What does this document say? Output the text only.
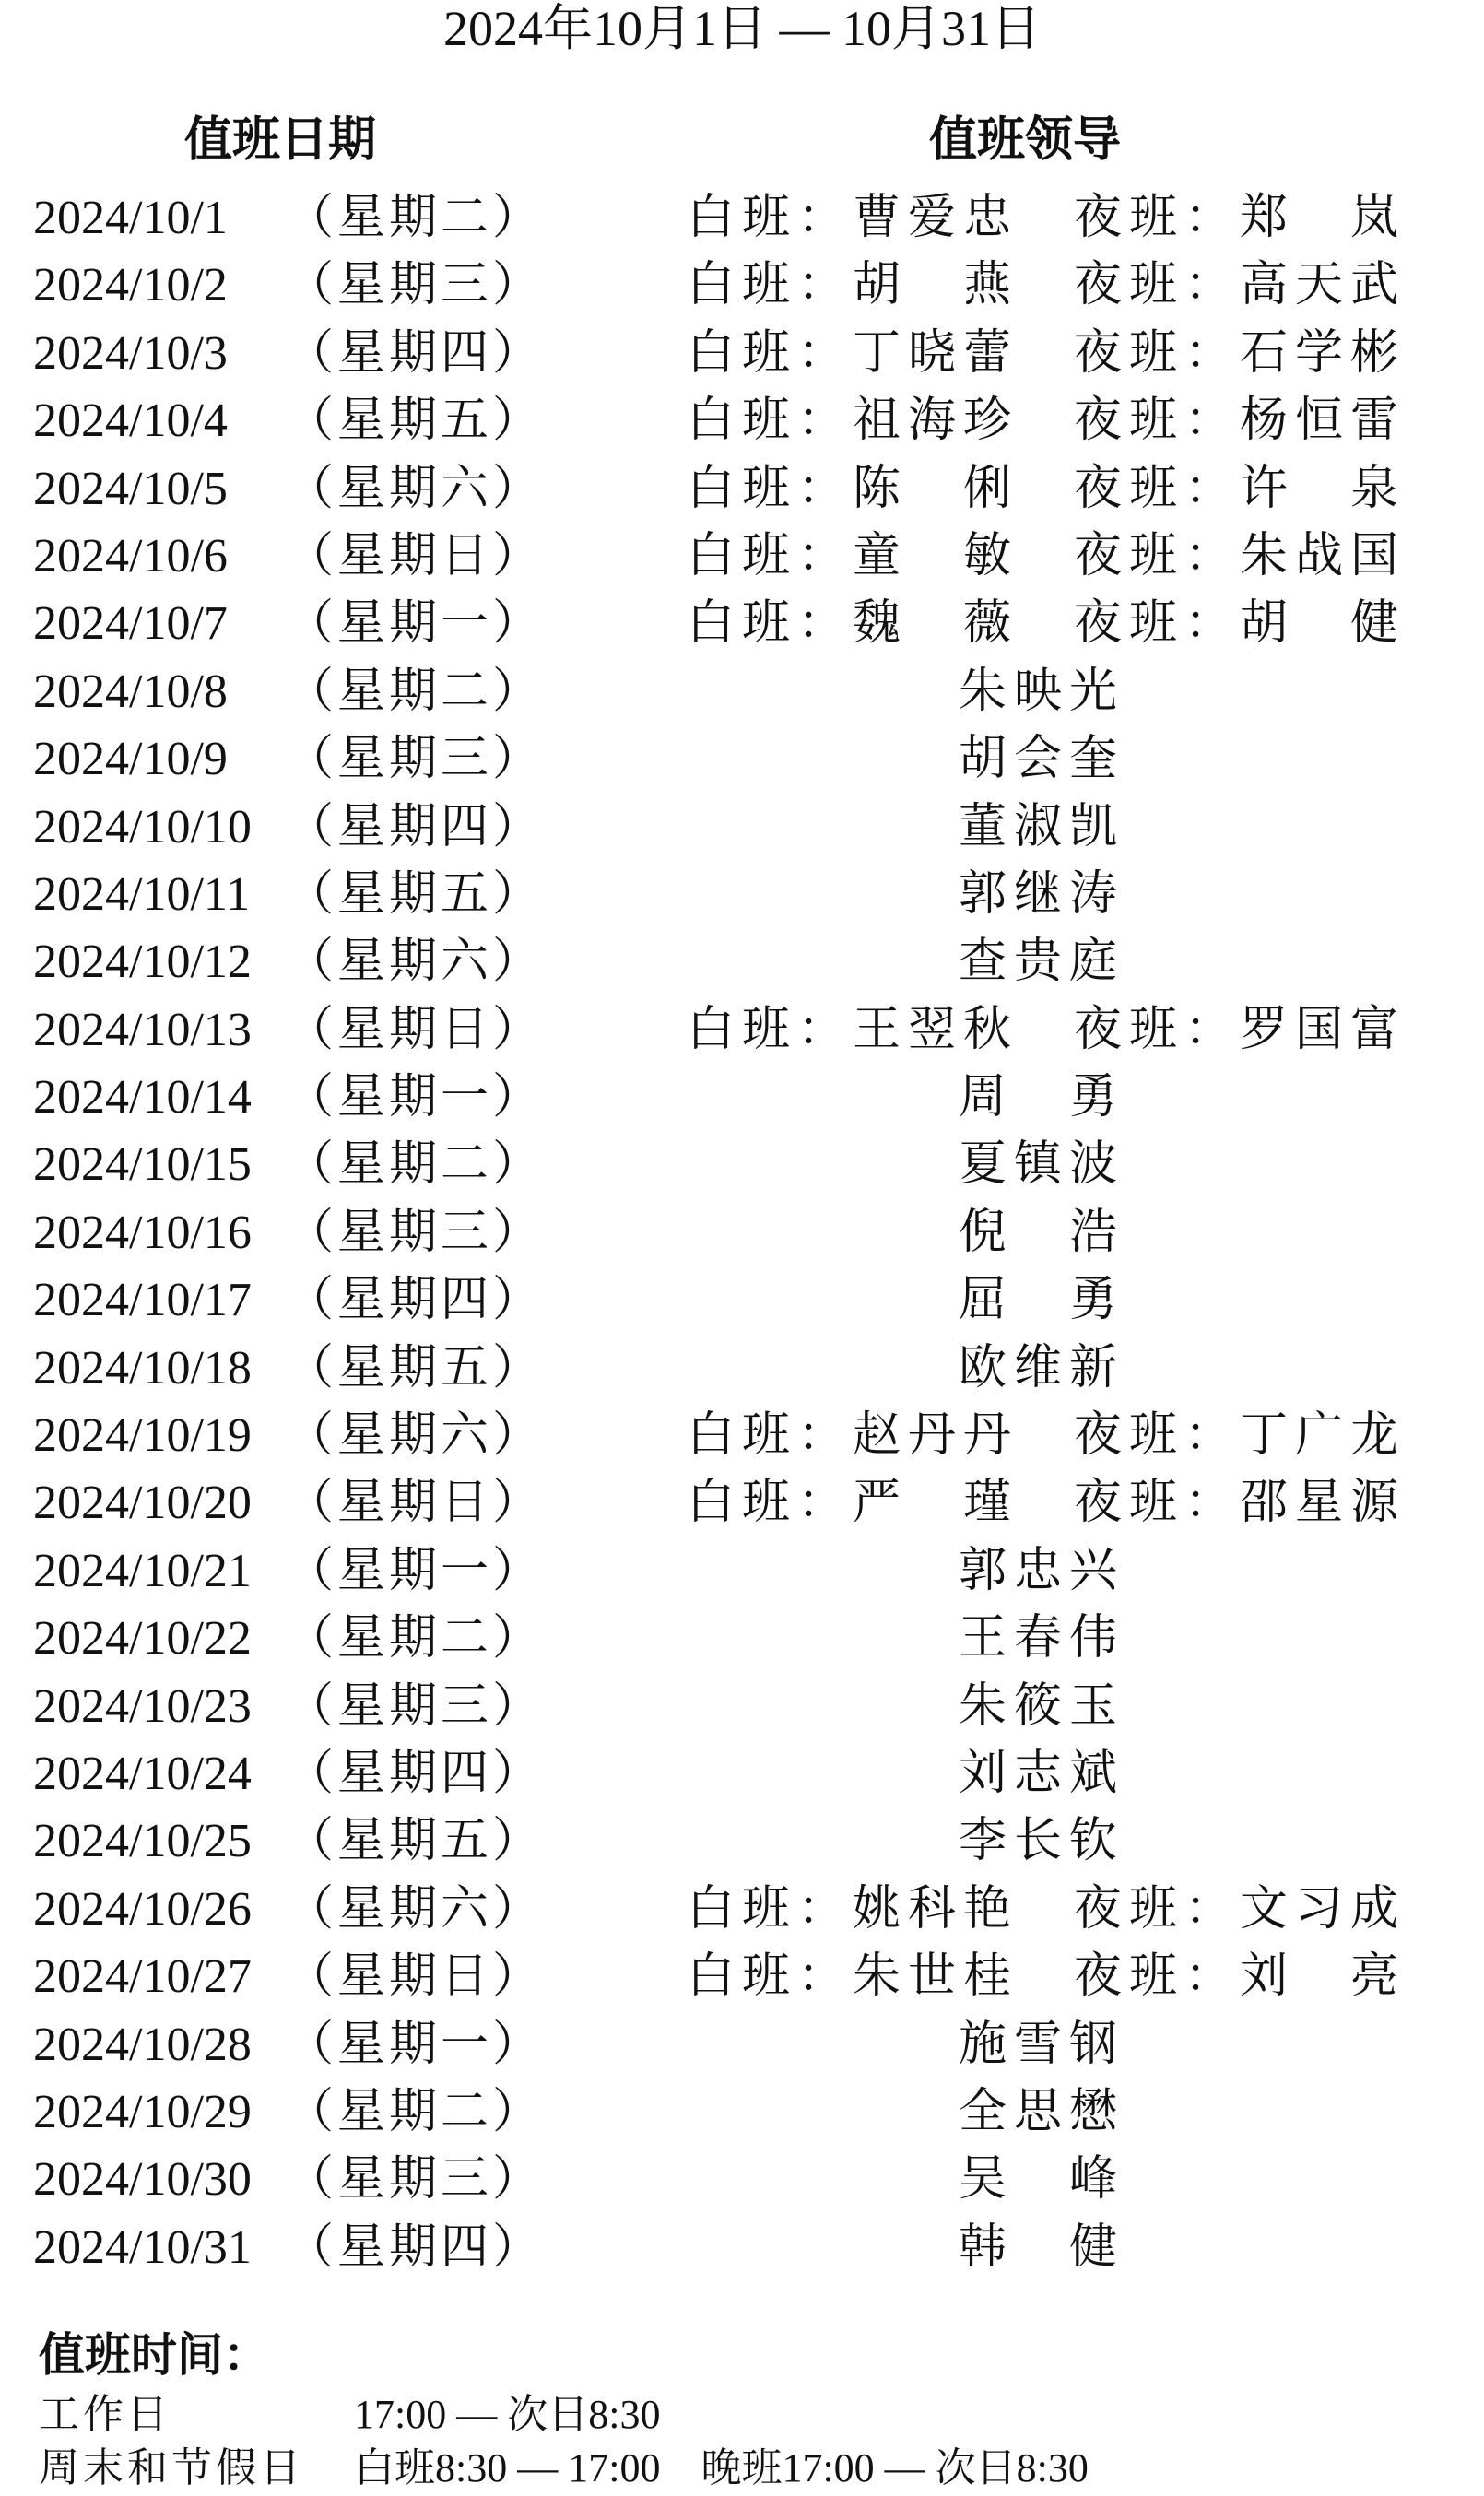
2024年10月1日 — 10月31日
值班日期	值班领导
2024/10/1 （星期二）	白班：曹爱忠　夜班：郑　岚
2024/10/2 （星期三）	白班：胡　燕　夜班：高天武
2024/10/3 （星期四）	白班：丁晓蕾　夜班：石学彬
2024/10/4 （星期五）	白班：祖海珍　夜班：杨恒雷
2024/10/5 （星期六）	白班：陈　俐　夜班：许　泉
2024/10/6 （星期日）	白班：童　敏　夜班：朱战国
2024/10/7 （星期一）	白班：魏　薇　夜班：胡　健
2024/10/8 （星期二）	朱映光
2024/10/9 （星期三）	胡会奎
2024/10/10 （星期四）	董淑凯
2024/10/11 （星期五）	郭继涛
2024/10/12 （星期六）	查贵庭
2024/10/13 （星期日）	白班：王翌秋　夜班：罗国富
2024/10/14 （星期一）	周　勇
2024/10/15 （星期二）	夏镇波
2024/10/16 （星期三）	倪　浩
2024/10/17 （星期四）	屈　勇
2024/10/18 （星期五）	欧维新
2024/10/19 （星期六）	白班：赵丹丹　夜班：丁广龙
2024/10/20 （星期日）	白班：严　瑾　夜班：邵星源
2024/10/21 （星期一）	郭忠兴
2024/10/22 （星期二）	王春伟
2024/10/23 （星期三）	朱筱玉
2024/10/24 （星期四）	刘志斌
2024/10/25 （星期五）	李长钦
2024/10/26 （星期六）	白班：姚科艳　夜班：文习成
2024/10/27 （星期日）	白班：朱世桂　夜班：刘　亮
2024/10/28 （星期一）	施雪钢
2024/10/29 （星期二）	全思懋
2024/10/30 （星期三）	吴　峰
2024/10/31 （星期四）	韩　健
值班时间：
工作日	17:00 — 次日8:30
周末和节假日 白班8:30 — 17:00　晚班17:00 — 次日8:30
